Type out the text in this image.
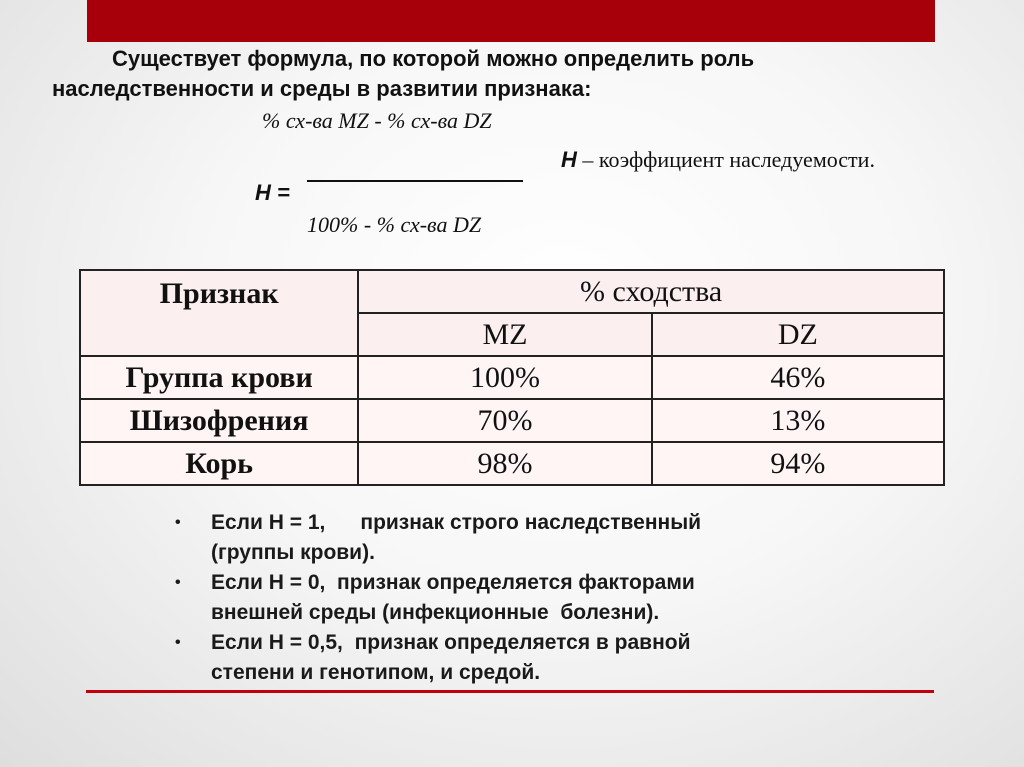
Существует формула, по которой можно определить роль
наследственности и среды в развитии признака:
% сх-ва MZ - % сх-ва DZ
H =
100% - % сх-ва DZ
H – коэффициент наследуемости.
Признак	% сходства	
	MZ	DZ
Группа крови	100%	46%
Шизофрения	70%	13%
Корь	98%	94%
• Если Н = 1,      признак строго наследственный
(группы крови).
• Если Н = 0,  признак определяется факторами
внешней среды (инфекционные  болезни).
• Если Н = 0,5,  признак определяется в равной
степени и генотипом, и средой.
